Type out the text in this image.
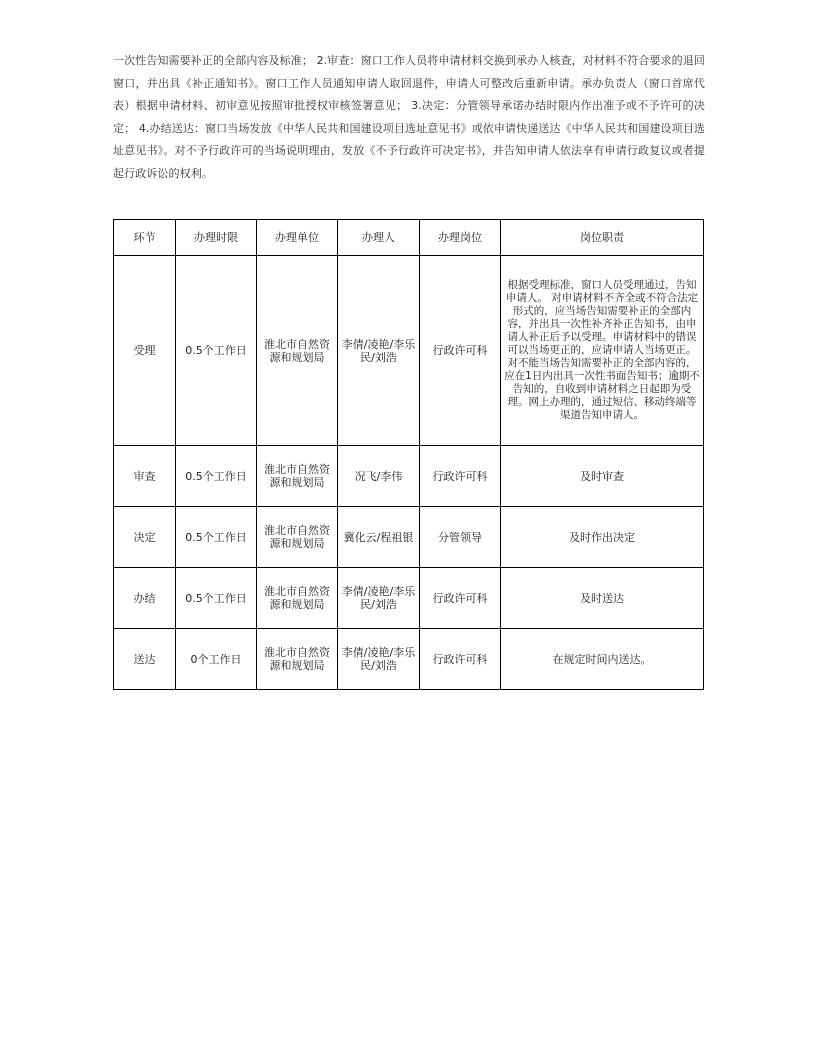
一次性告知需要补正的全部内容及标准； 2.审查：窗口工作人员将申请材料交换到承办人核查，对材料不符合要求的退回窗口，并出具《补正通知书》。窗口工作人员通知申请人取回退件，申请人可整改后重新申请。承办负责人（窗口首席代表）根据申请材料、初审意见按照审批授权审核签署意见； 3.决定：分管领导承诺办结时限内作出准予或不予许可的决定； 4.办结送达：窗口当场发放《中华人民共和国建设项目选址意见书》或依申请快递送达《中华人民共和国建设项目选址意见书》。对不予行政许可的当场说明理由，发放《不予行政许可决定书》，并告知申请人依法享有申请行政复议或者提起行政诉讼的权利。

环节	办理时限	办理单位	办理人	办理岗位	岗位职责
受理	0.5个工作日	淮北市自然资源和规划局	李倩/凌艳/李乐民/刘浩	行政许可科	根据受理标准，窗口人员受理通过，告知申请人。 对申请材料不齐全或不符合法定形式的，应当场告知需要补正的全部内容，并出具一次性补齐补正告知书，由申请人补正后予以受理。申请材料中的错误可以当场更正的，应请申请人当场更正。对不能当场告知需要补正的全部内容的，应在1日内出具一次性书面告知书；逾期不告知的，自收到申请材料之日起即为受理。网上办理的，通过短信、移动终端等渠道告知申请人。
审查	0.5个工作日	淮北市自然资源和规划局	况飞/李伟	行政许可科	及时审查
决定	0.5个工作日	淮北市自然资源和规划局	冀化云/程祖银	分管领导	及时作出决定
办结	0.5个工作日	淮北市自然资源和规划局	李倩/凌艳/李乐民/刘浩	行政许可科	及时送达
送达	0个工作日	淮北市自然资源和规划局	李倩/凌艳/李乐民/刘浩	行政许可科	在规定时间内送达。
